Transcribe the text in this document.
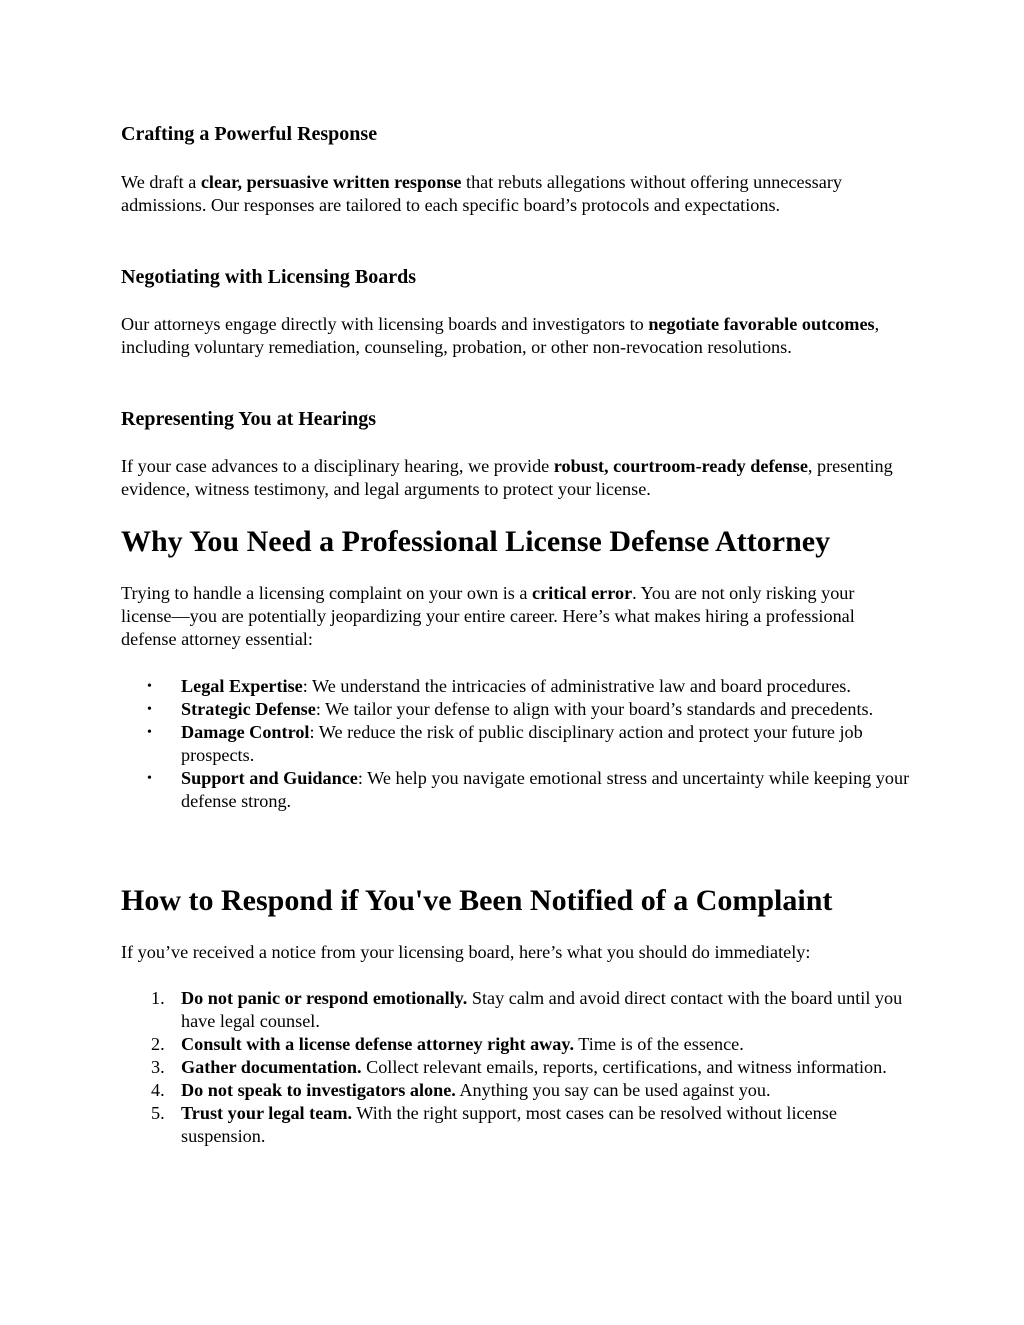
Crafting a Powerful Response

We draft a clear, persuasive written response that rebuts allegations without offering unnecessary admissions. Our responses are tailored to each specific board’s protocols and expectations.

Negotiating with Licensing Boards

Our attorneys engage directly with licensing boards and investigators to negotiate favorable outcomes, including voluntary remediation, counseling, probation, or other non-revocation resolutions.

Representing You at Hearings

If your case advances to a disciplinary hearing, we provide robust, courtroom-ready defense, presenting evidence, witness testimony, and legal arguments to protect your license.

Why You Need a Professional License Defense Attorney

Trying to handle a licensing complaint on your own is a critical error. You are not only risking your license—you are potentially jeopardizing your entire career. Here’s what makes hiring a professional defense attorney essential:

• Legal Expertise: We understand the intricacies of administrative law and board procedures.
• Strategic Defense: We tailor your defense to align with your board’s standards and precedents.
• Damage Control: We reduce the risk of public disciplinary action and protect your future job prospects.
• Support and Guidance: We help you navigate emotional stress and uncertainty while keeping your defense strong.
How to Respond if You've Been Notified of a Complaint

If you’ve received a notice from your licensing board, here’s what you should do immediately:

1. Do not panic or respond emotionally. Stay calm and avoid direct contact with the board until you have legal counsel.
2. Consult with a license defense attorney right away. Time is of the essence.
3. Gather documentation. Collect relevant emails, reports, certifications, and witness information.
4. Do not speak to investigators alone. Anything you say can be used against you.
5. Trust your legal team. With the right support, most cases can be resolved without license suspension.
